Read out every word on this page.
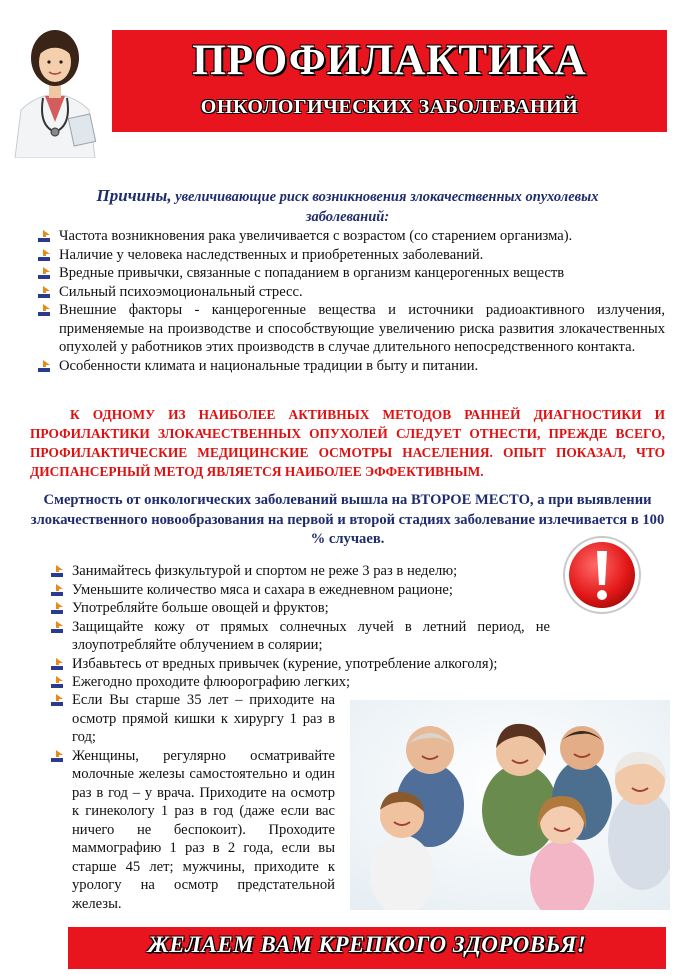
ПРОФИЛАКТИКА
ОНКОЛОГИЧЕСКИХ ЗАБОЛЕВАНИЙ
Причины, увеличивающие риск возникновения злокачественных опухолевых
заболеваний:
Частота возникновения рака увеличивается с возрастом (со старением организма).
Наличие у человека наследственных и приобретенных заболеваний.
Вредные привычки, связанные с попаданием в организм канцерогенных веществ
Сильный психоэмоциональный стресс.
Внешние факторы - канцерогенные вещества и источники радиоактивного излучения, применяемые на производстве и способствующие увеличению риска развития злокачественных опухолей у работников этих производств в случае длительного непосредственного контакта.
Особенности климата и национальные традиции в быту и питании.
К ОДНОМУ ИЗ НАИБОЛЕЕ АКТИВНЫХ МЕТОДОВ РАННЕЙ ДИАГНОСТИКИ И ПРОФИЛАКТИКИ ЗЛОКАЧЕСТВЕННЫХ ОПУХОЛЕЙ СЛЕДУЕТ ОТНЕСТИ, ПРЕЖДЕ ВСЕГО, ПРОФИЛАКТИЧЕСКИЕ МЕДИЦИНСКИЕ ОСМОТРЫ НАСЕЛЕНИЯ. ОПЫТ ПОКАЗАЛ, ЧТО ДИСПАНСЕРНЫЙ МЕТОД ЯВЛЯЕТСЯ НАИБОЛЕЕ ЭФФЕКТИВНЫМ.
Смертность от онкологических заболеваний вышла на ВТОРОЕ МЕСТО, а при выявлении злокачественного новообразования на первой и второй стадиях заболевание излечивается в 100 % случаев.
Занимайтесь физкультурой и спортом не реже 3 раз в неделю;
Уменьшите количество мяса и сахара в ежедневном рационе;
Употребляйте больше овощей и фруктов;
Защищайте кожу от прямых солнечных лучей в летний период, не злоупотребляйте облучением в солярии;
Избавьтесь от вредных привычек (курение, употребление алкоголя);
Ежегодно проходите флюорографию легких;
Если Вы старше 35 лет – приходите на осмотр прямой кишки к хирургу 1 раз в год;
Женщины, регулярно осматривайте молочные железы самостоятельно и один раз в год – у врача. Приходите на осмотр к гинекологу 1 раз в год (даже если вас ничего не беспокоит). Проходите маммографию 1 раз в 2 года, если вы старше 45 лет; мужчины, приходите к урологу на осмотр предстательной железы.
ЖЕЛАЕМ ВАМ КРЕПКОГО ЗДОРОВЬЯ!
